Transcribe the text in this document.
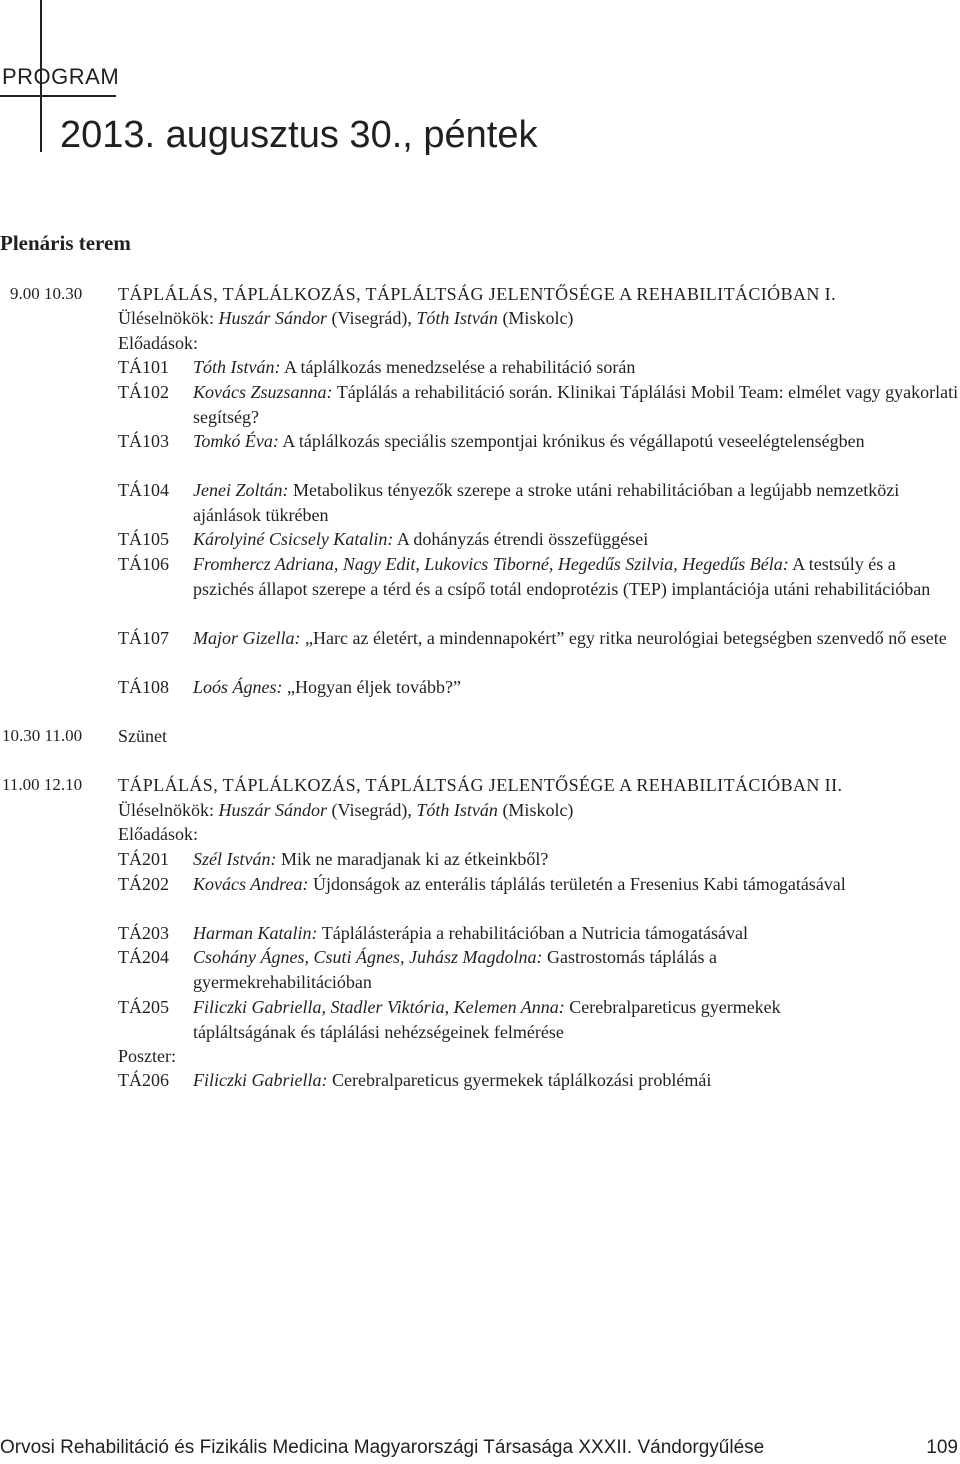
PROGRAM
2013. augusztus 30., péntek
Plenáris terem
9.00 10.30 TÁPLÁLÁS, TÁPLÁLKOZÁS, TÁPLÁLTSÁG JELENTŐSÉGE A REHABILITÁCIÓBAN I.
Üléselnökök: Huszár Sándor (Visegrád), Tóth István (Miskolc)
Előadások:
TÁ101 Tóth István: A táplálkozás menedzselése a rehabilitáció során
TÁ102 Kovács Zsuzsanna: Táplálás a rehabilitáció során. Klinikai Táplálási Mobil Team: elmélet vagy gyakorlati segítség?
TÁ103 Tomkó Éva: A táplálkozás speciális szempontjai krónikus és végállapotú veseelégtelenségben
TÁ104 Jenei Zoltán: Metabolikus tényezők szerepe a stroke utáni rehabilitációban a legújabb nemzetközi ajánlások tükrében
TÁ105 Károlyiné Csicsely Katalin: A dohányzás étrendi összefüggései
TÁ106 Fromhercz Adriana, Nagy Edit, Lukovics Tiborné, Hegedűs Szilvia, Hegedűs Béla: A testsúly és a pszichés állapot szerepe a térd és a csípő totál endoprotézis (TEP) implantációja utáni rehabilitációban
TÁ107 Major Gizella: „Harc az életért, a mindennapokért” egy ritka neurológiai betegségben szenvedő nő esete
TÁ108 Loós Ágnes: „Hogyan éljek tovább?”
10.30 11.00 Szünet
11.00 12.10 TÁPLÁLÁS, TÁPLÁLKOZÁS, TÁPLÁLTSÁG JELENTŐSÉGE A REHABILITÁCIÓBAN II.
Üléselnökök: Huszár Sándor (Visegrád), Tóth István (Miskolc)
Előadások:
TÁ201 Szél István: Mik ne maradjanak ki az étkeinkből?
TÁ202 Kovács Andrea: Újdonságok az enterális táplálás területén a Fresenius Kabi támogatásával
TÁ203 Harman Katalin: Táplálásterápia a rehabilitációban a Nutricia támogatásával
TÁ204 Csohány Ágnes, Csuti Ágnes, Juhász Magdolna: Gastrostomás táplálás a gyermekrehabilitációban
TÁ205 Filiczki Gabriella, Stadler Viktória, Kelemen Anna: Cerebralpareticus gyermekek tápláltságának és táplálási nehézségeinek felmérése
Poszter:
TÁ206 Filiczki Gabriella: Cerebralpareticus gyermekek táplálkozási problémái
Orvosi Rehabilitáció és Fizikális Medicina Magyarországi Társasága XXXII. Vándorgyűlése	109
